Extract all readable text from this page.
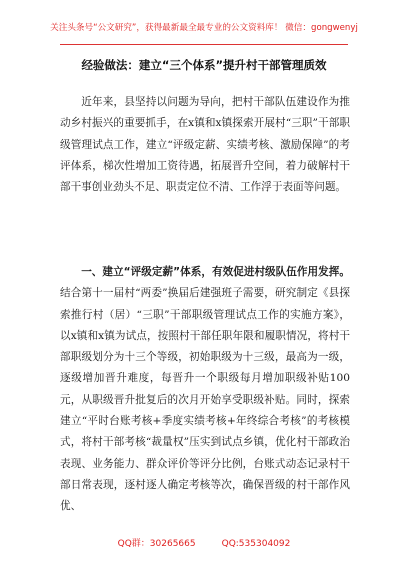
关注头条号“公文研究”，获得最新最全最专业的公文资料库！ 微信：gongwenyj
经验做法：建立“三个体系”提升村干部管理质效

近年来，县坚持以问题为导向，把村干部队伍建设作为推动乡村振兴的重要抓手，在x镇和x镇探索开展村“三职”干部职级管理试点工作，建立“评级定薪、实绩考核、激励保障”的考评体系，梯次性增加工资待遇，拓展晋升空间，着力破解村干部干事创业劲头不足、职责定位不清、工作浮于表面等问题。

一、建立“评级定薪”体系，有效促进村级队伍作用发挥。结合第十一届村“两委”换届后建强班子需要，研究制定《县探索推行村（居）“三职”干部职级管理试点工作的实施方案》，以x镇和x镇为试点，按照村干部任职年限和履职情况，将村干部职级划分为十三个等级，初始职级为十三级，最高为一级，逐级增加晋升难度，每晋升一个职级每月增加职级补贴100元，从职级晋升批复后的次月开始享受职级补贴。同时，探索建立“平时台账考核+季度实绩考核+年终综合考核”的考核模式，将村干部考核“裁量权”压实到试点乡镇，优化村干部政治表现、业务能力、群众评价等评分比例，台账式动态记录村干部日常表现，逐村逐人确定考核等次，确保晋级的村干部作风优、

QQ群：30265665	QQ:535304092
